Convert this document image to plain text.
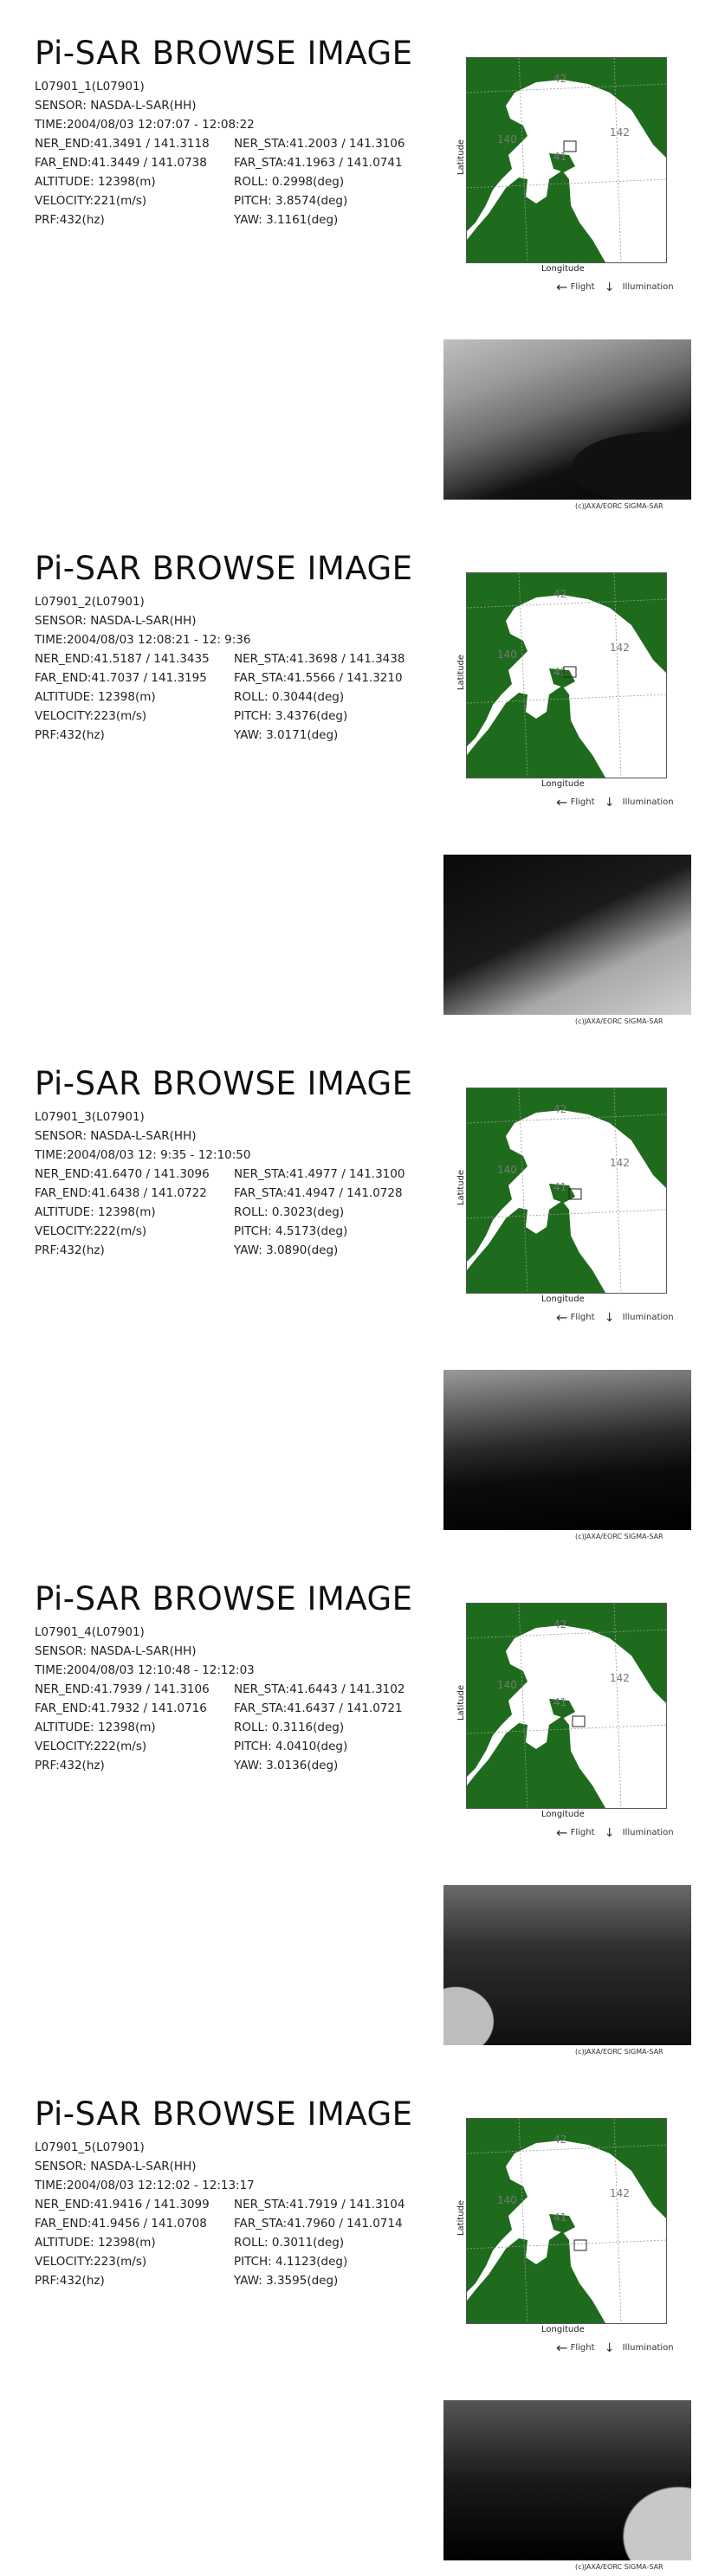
Pi-SAR BROWSE IMAGE
L07901_1(L07901)
SENSOR: NASDA-L-SAR(HH)
TIME:2004/08/03 12:07:07 - 12:08:22
NER_END:41.3491 / 141.3118 NER_STA:41.2003 / 141.3106
FAR_END:41.3449 / 141.0738 FAR_STA:41.1963 / 141.0741
ALTITUDE: 12398(m)	ROLL: 0.2998(deg)
VELOCITY:221(m/s)	PITCH: 3.8574(deg)
PRF:432(hz)	YAW: 3.1161(deg)
42
140
142
41
Latitude
Longitude
← Flight ↓ Illumination
(c)JAXA/EORC SIGMA-SAR
Pi-SAR BROWSE IMAGE
L07901_2(L07901)
SENSOR: NASDA-L-SAR(HH)
TIME:2004/08/03 12:08:21 - 12: 9:36
NER_END:41.5187 / 141.3435 NER_STA:41.3698 / 141.3438
FAR_END:41.7037 / 141.3195 FAR_STA:41.5566 / 141.3210
ALTITUDE: 12398(m)	ROLL: 0.3044(deg)
VELOCITY:223(m/s)	PITCH: 3.4376(deg)
PRF:432(hz)	YAW: 3.0171(deg)
42
140
142
41
Latitude
Longitude
← Flight ↓ Illumination
(c)JAXA/EORC SIGMA-SAR
Pi-SAR BROWSE IMAGE
L07901_3(L07901)
SENSOR: NASDA-L-SAR(HH)
TIME:2004/08/03 12: 9:35 - 12:10:50
NER_END:41.6470 / 141.3096 NER_STA:41.4977 / 141.3100
FAR_END:41.6438 / 141.0722 FAR_STA:41.4947 / 141.0728
ALTITUDE: 12398(m)	ROLL: 0.3023(deg)
VELOCITY:222(m/s)	PITCH: 4.5173(deg)
PRF:432(hz)	YAW: 3.0890(deg)
42
140
142
41
Latitude
Longitude
← Flight ↓ Illumination
(c)JAXA/EORC SIGMA-SAR
Pi-SAR BROWSE IMAGE
L07901_4(L07901)
SENSOR: NASDA-L-SAR(HH)
TIME:2004/08/03 12:10:48 - 12:12:03
NER_END:41.7939 / 141.3106 NER_STA:41.6443 / 141.3102
FAR_END:41.7932 / 141.0716 FAR_STA:41.6437 / 141.0721
ALTITUDE: 12398(m)	ROLL: 0.3116(deg)
VELOCITY:222(m/s)	PITCH: 4.0410(deg)
PRF:432(hz)	YAW: 3.0136(deg)
42
140
142
41
Latitude
Longitude
← Flight ↓ Illumination
(c)JAXA/EORC SIGMA-SAR
Pi-SAR BROWSE IMAGE
L07901_5(L07901)
SENSOR: NASDA-L-SAR(HH)
TIME:2004/08/03 12:12:02 - 12:13:17
NER_END:41.9416 / 141.3099 NER_STA:41.7919 / 141.3104
FAR_END:41.9456 / 141.0708 FAR_STA:41.7960 / 141.0714
ALTITUDE: 12398(m)	ROLL: 0.3011(deg)
VELOCITY:223(m/s)	PITCH: 4.1123(deg)
PRF:432(hz)	YAW: 3.3595(deg)
42
140
142
41
Latitude
Longitude
← Flight ↓ Illumination
(c)JAXA/EORC SIGMA-SAR
